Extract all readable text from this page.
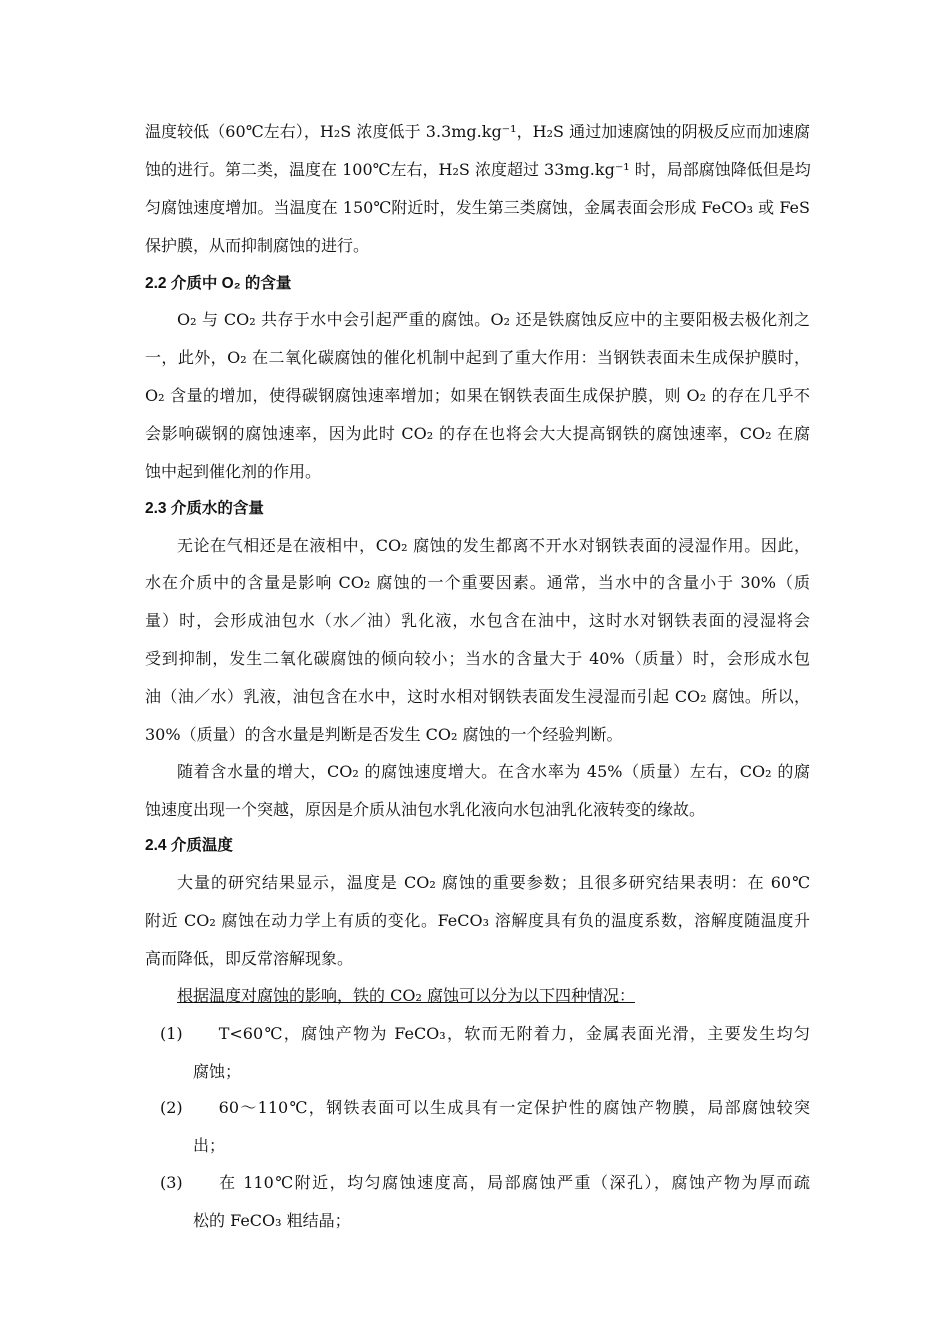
温度较低（60℃左右），H₂S 浓度低于 3.3mg.kg⁻¹，H₂S 通过加速腐蚀的阴极反应而加速腐
蚀的进行。第二类，温度在 100℃左右，H₂S 浓度超过 33mg.kg⁻¹ 时，局部腐蚀降低但是均
匀腐蚀速度增加。当温度在 150℃附近时，发生第三类腐蚀，金属表面会形成 FeCO₃ 或 FeS
保护膜，从而抑制腐蚀的进行。
2.2 介质中 O₂ 的含量
O₂ 与 CO₂ 共存于水中会引起严重的腐蚀。O₂ 还是铁腐蚀反应中的主要阳极去极化剂之
一，此外，O₂ 在二氧化碳腐蚀的催化机制中起到了重大作用：当钢铁表面未生成保护膜时，
O₂ 含量的增加，使得碳钢腐蚀速率增加；如果在钢铁表面生成保护膜，则 O₂ 的存在几乎不
会影响碳钢的腐蚀速率，因为此时 CO₂ 的存在也将会大大提高钢铁的腐蚀速率，CO₂ 在腐
蚀中起到催化剂的作用。
2.3 介质水的含量
无论在气相还是在液相中，CO₂ 腐蚀的发生都离不开水对钢铁表面的浸湿作用。因此，
水在介质中的含量是影响 CO₂ 腐蚀的一个重要因素。通常，当水中的含量小于 30%（质
量）时，会形成油包水（水／油）乳化液，水包含在油中，这时水对钢铁表面的浸湿将会
受到抑制，发生二氧化碳腐蚀的倾向较小；当水的含量大于 40%（质量）时，会形成水包
油（油／水）乳液，油包含在水中，这时水相对钢铁表面发生浸湿而引起 CO₂ 腐蚀。所以，
30%（质量）的含水量是判断是否发生 CO₂ 腐蚀的一个经验判断。
随着含水量的增大，CO₂ 的腐蚀速度增大。在含水率为 45%（质量）左右，CO₂ 的腐
蚀速度出现一个突越，原因是介质从油包水乳化液向水包油乳化液转变的缘故。
2.4 介质温度
大量的研究结果显示，温度是 CO₂ 腐蚀的重要参数；且很多研究结果表明：在 60℃
附近 CO₂ 腐蚀在动力学上有质的变化。FeCO₃ 溶解度具有负的温度系数，溶解度随温度升
高而降低，即反常溶解现象。
根据温度对腐蚀的影响，铁的 CO₂ 腐蚀可以分为以下四种情况：
(1)　　T<60℃，腐蚀产物为 FeCO₃，软而无附着力，金属表面光滑，主要发生均匀
腐蚀；
(2)　　60～110℃，钢铁表面可以生成具有一定保护性的腐蚀产物膜，局部腐蚀较突
出；
(3)　　在 110℃附近，均匀腐蚀速度高，局部腐蚀严重（深孔），腐蚀产物为厚而疏
松的 FeCO₃ 粗结晶；
